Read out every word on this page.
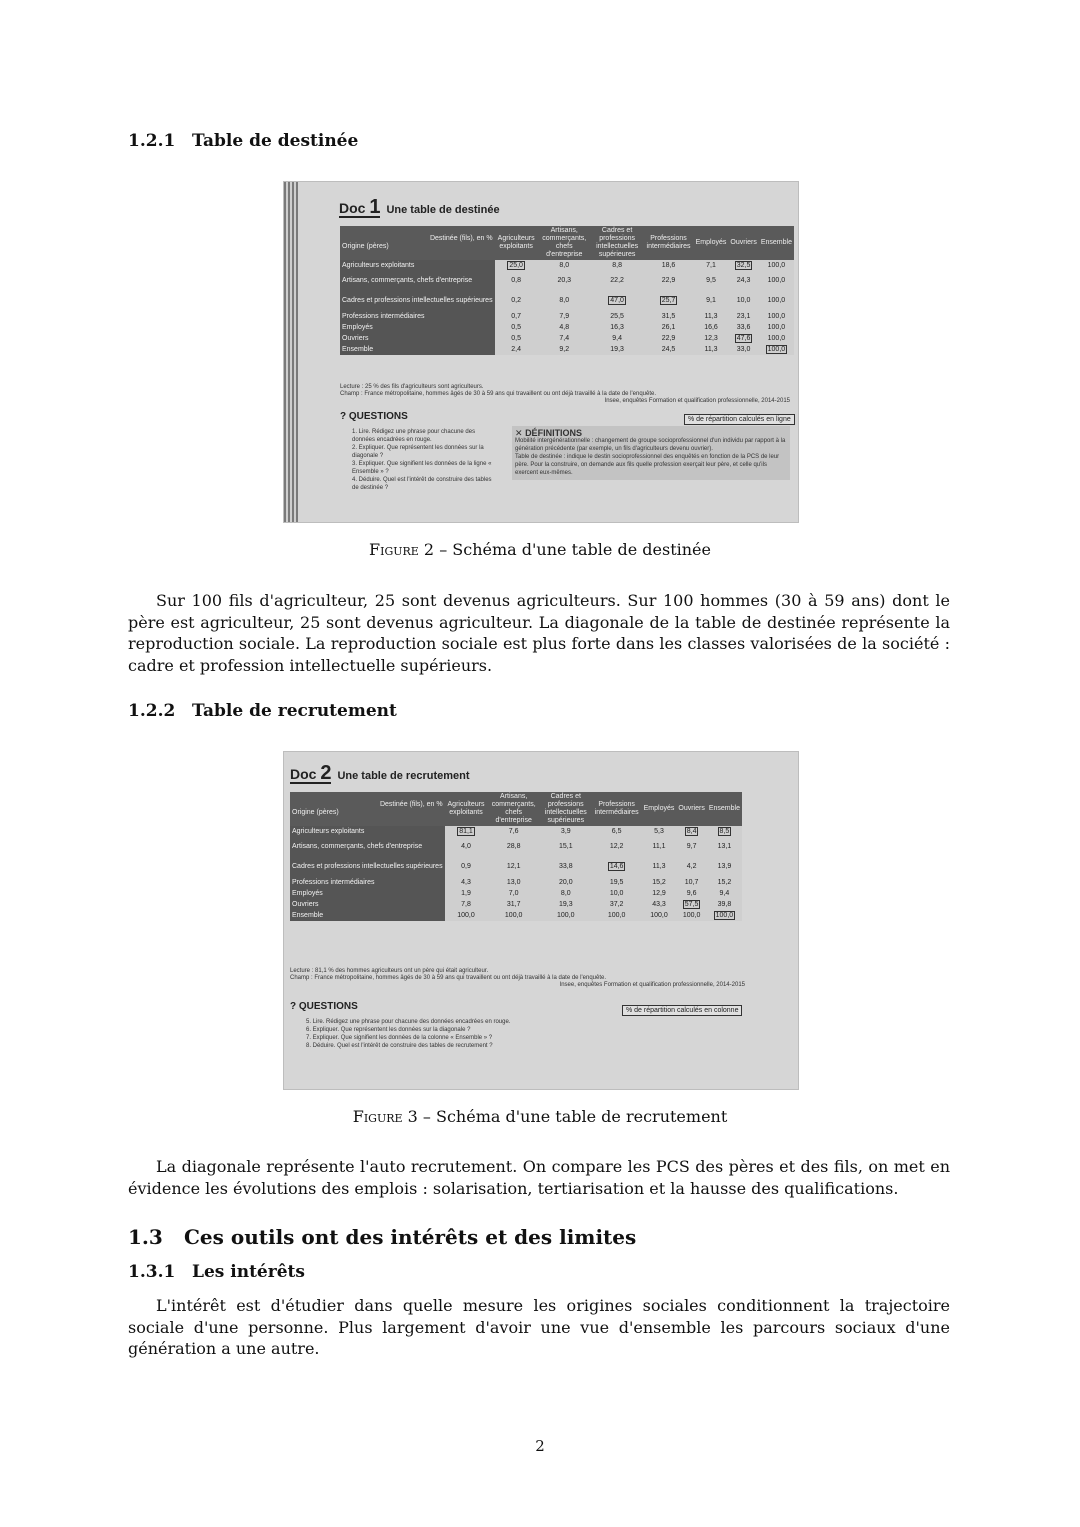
1.2.1 Table de destinée
Doc 1 Une table de destinée
Destinée (fils), en %
Origine (pères)	Agriculteurs exploitants	Artisans, commerçants, chefs d'entreprise	Cadres et professions intellectuelles supérieures	Professions intermédiaires	Employés	Ouvriers	Ensemble
Agriculteurs exploitants	25,0	8,0	8,8	18,6	7,1	32,5	100,0
Artisans, commerçants, chefs d'entreprise	0,8	20,3	22,2	22,9	9,5	24,3	100,0
Cadres et professions intellectuelles supérieures	0,2	8,0	47,0	25,7	9,1	10,0	100,0
Professions intermédiaires	0,7	7,9	25,5	31,5	11,3	23,1	100,0
Employés	0,5	4,8	16,3	26,1	16,6	33,6	100,0
Ouvriers	0,5	7,4	9,4	22,9	12,3	47,6	100,0
Ensemble	2,4	9,2	19,3	24,5	11,3	33,0	100,0
Lecture : 25 % des fils d'agriculteurs sont agriculteurs.
Champ : France métropolitaine, hommes âgés de 30 à 59 ans qui travaillent ou ont déjà travaillé à la date de l'enquête.
Insee, enquêtes Formation et qualification professionnelle, 2014-2015
% de répartition calculés en ligne
? QUESTIONS
1. Lire. Rédigez une phrase pour chacune des données encadrées en rouge.
2. Expliquer. Que représentent les données sur la diagonale ?
3. Expliquer. Que signifient les données de la ligne « Ensemble » ?
4. Déduire. Quel est l'intérêt de construire des tables de destinée ?
✕ DÉFINITIONS
Mobilité intergénérationnelle : changement de groupe socioprofessionnel d'un individu par rapport à la génération précédente (par exemple, un fils d'agriculteurs devenu ouvrier).
Table de destinée : indique le destin socioprofessionnel des enquêtés en fonction de la PCS de leur père. Pour la construire, on demande aux fils quelle profession exerçait leur père, et celle qu'ils exercent eux-mêmes.
Figure 2 – Schéma d'une table de destinée
Sur 100 fils d'agriculteur, 25 sont devenus agriculteurs. Sur 100 hommes (30 à 59 ans) dont le père est agriculteur, 25 sont devenus agriculteur. La diagonale de la table de destinée représente la reproduction sociale. La reproduction sociale est plus forte dans les classes valorisées de la société : cadre et profession intellectuelle supérieurs.
1.2.2 Table de recrutement
Doc 2 Une table de recrutement
Destinée (fils), en %
Origine (pères)	Agriculteurs exploitants	Artisans, commerçants, chefs d'entreprise	Cadres et professions intellectuelles supérieures	Professions intermédiaires	Employés	Ouvriers	Ensemble
Agriculteurs exploitants	81,1	7,6	3,9	6,5	5,3	8,4	8,5
Artisans, commerçants, chefs d'entreprise	4,0	28,8	15,1	12,2	11,1	9,7	13,1
Cadres et professions intellectuelles supérieures	0,9	12,1	33,8	14,6	11,3	4,2	13,9
Professions intermédiaires	4,3	13,0	20,0	19,5	15,2	10,7	15,2
Employés	1,9	7,0	8,0	10,0	12,9	9,6	9,4
Ouvriers	7,8	31,7	19,3	37,2	43,3	57,5	39,8
Ensemble	100,0	100,0	100,0	100,0	100,0	100,0	100,0
Lecture : 81,1 % des hommes agriculteurs ont un père qui était agriculteur.
Champ : France métropolitaine, hommes âgés de 30 à 59 ans qui travaillent ou ont déjà travaillé à la date de l'enquête.
Insee, enquêtes Formation et qualification professionnelle, 2014-2015
% de répartition calculés en colonne
? QUESTIONS
5. Lire. Rédigez une phrase pour chacune des données encadrées en rouge.
6. Expliquer. Que représentent les données sur la diagonale ?
7. Expliquer. Que signifient les données de la colonne « Ensemble » ?
8. Déduire. Quel est l'intérêt de construire des tables de recrutement ?
Figure 3 – Schéma d'une table de recrutement
La diagonale représente l'auto recrutement. On compare les PCS des pères et des fils, on met en évidence les évolutions des emplois : solarisation, tertiarisation et la hausse des qualifications.
1.3 Ces outils ont des intérêts et des limites
1.3.1 Les intérêts
L'intérêt est d'étudier dans quelle mesure les origines sociales conditionnent la trajectoire sociale d'une personne. Plus largement d'avoir une vue d'ensemble les parcours sociaux d'une génération a une autre.
2
